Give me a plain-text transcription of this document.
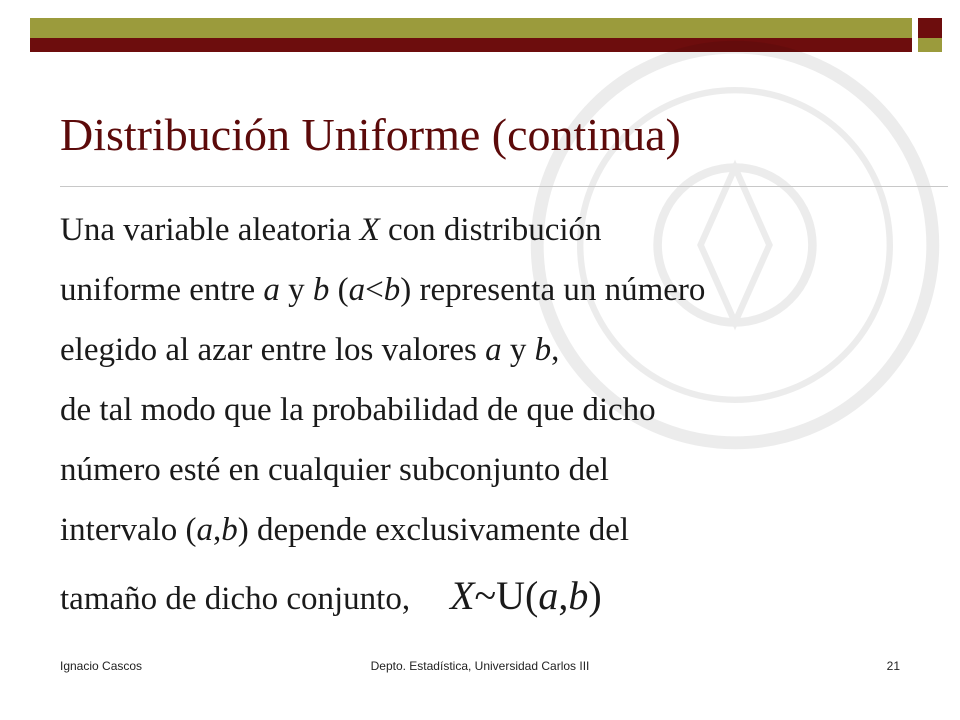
Distribución Uniforme (continua)
Una variable aleatoria X con distribución
uniforme entre a y b (a<b) representa un número
elegido al azar entre los valores a y b,
de tal modo que la probabilidad de que dicho
número esté en cualquier subconjunto del
intervalo (a,b) depende exclusivamente del
tamaño de dicho conjunto, X~U(a,b)
Ignacio Cascos	Depto. Estadística, Universidad Carlos III	21
